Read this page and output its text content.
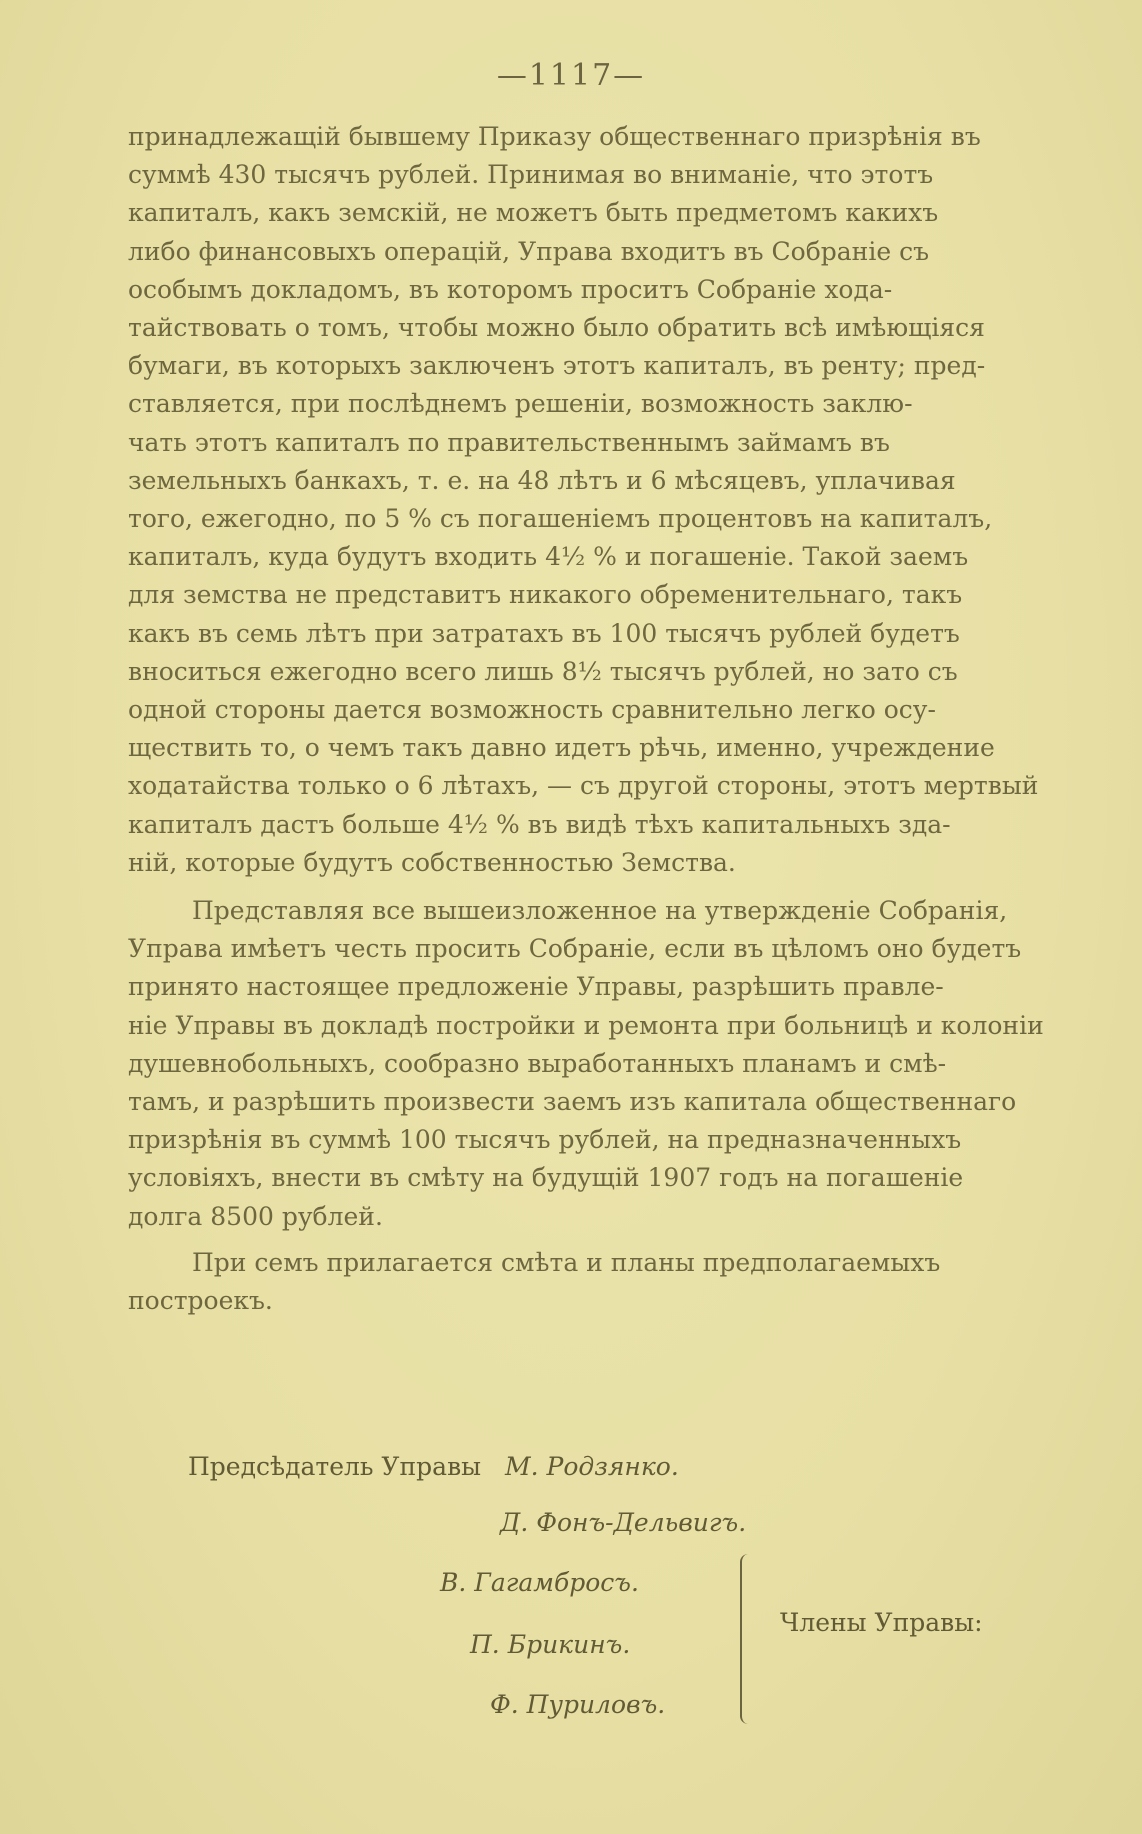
—1117—

принадлежащій бывшему Приказу общественнаго призрѣнія въ

суммѣ 430 тысячъ рублей. Принимая во вниманіе, что этотъ

капиталъ, какъ земскій, не можетъ быть предметомъ какихъ

либо финансовыхъ операцій, Управа входитъ въ Собраніе съ

особымъ докладомъ, въ которомъ проситъ Собраніе хода-

тайствовать о томъ, чтобы можно было обратить всѣ имѣющіяся

бумаги, въ которыхъ заключенъ этотъ капиталъ, въ ренту; пред-

ставляется, при послѣднемъ решеніи, возможность заклю-

чать этотъ капиталъ по правительственнымъ займамъ въ

земельныхъ банкахъ, т. е. на 48 лѣтъ и 6 мѣсяцевъ, уплачивая

того, ежегодно, по 5 % съ погашеніемъ процентовъ на капиталъ,

капиталъ, куда будутъ входить 4½ % и погашеніе. Такой заемъ

для земства не представитъ никакого обременительнаго, такъ

какъ въ семь лѣтъ при затратахъ въ 100 тысячъ рублей будетъ

вноситься ежегодно всего лишь 8½ тысячъ рублей, но зато съ

одной стороны дается возможность сравнительно легко осу-

ществить то, о чемъ такъ давно идетъ рѣчь, именно, учреждение

ходатайства только о 6 лѣтахъ, — съ другой стороны, этотъ мертвый

капиталъ дастъ больше 4½ % въ видѣ тѣхъ капитальныхъ зда-

ній, которые будутъ собственностью Земства.

Представляя все вышеизложенное на утвержденіе Собранія,

Управа имѣетъ честь просить Собраніе, если въ цѣломъ оно будетъ

принято настоящее предложеніе Управы, разрѣшить правле-

ніе Управы въ докладѣ постройки и ремонта при больницѣ и колоніи

душевнобольныхъ, сообразно выработанныхъ планамъ и смѣ-

тамъ, и разрѣшить произвести заемъ изъ капитала общественнаго

призрѣнія въ суммѣ 100 тысячъ рублей, на предназначенныхъ

условіяхъ, внести въ смѣту на будущій 1907 годъ на погашеніе

долга 8500 рублей.

При семъ прилагается смѣта и планы предполагаемыхъ

построекъ.

Предсѣдатель Управы М. Родзянко.
Д. Фонъ-Дельвигъ.
В. Гагамбросъ.
П. Брикинъ.
Ф. Пуриловъ.
Члены Управы:
